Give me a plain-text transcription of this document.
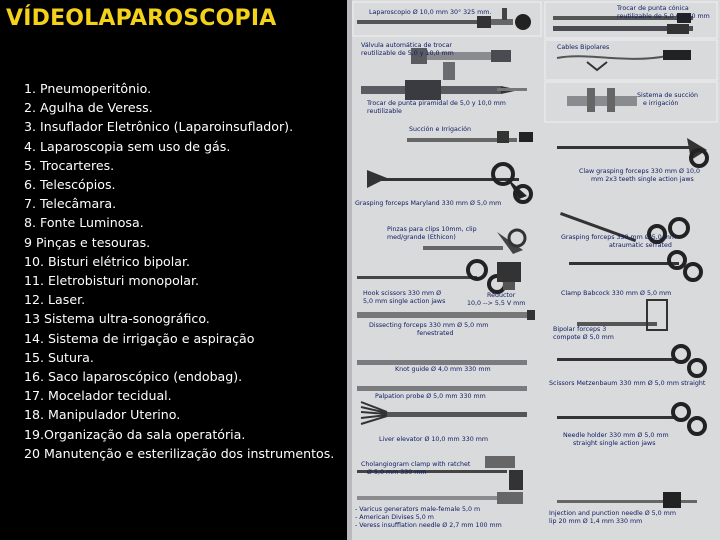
VÍDEOLAPAROSCOPIA
1. Pneumoperitônio.
2. Agulha de Veress.
3. Insuflador Eletrônico (Laparoinsuflador).
4. Laparoscopia sem uso de gás.
5. Trocarteres.
6. Telescópios.
7. Telecâmara.
8. Fonte Luminosa.
9 Pinças e tesouras.
10. Bisturi elétrico bipolar.
11. Eletrobisturi monopolar.
12. Laser.
13 Sistema ultra-sonográfico.
14. Sistema de irrigação e aspiração
15. Sutura.
16. Saco laparoscópico (endobag).
17. Mocelador tecidual.
18. Manipulador Uterino.
19.Organização da sala operatória.
20 Manutenção e esterilização dos instrumentos.
Laparoscopio Ø 10,0 mm 30° 325 mm.
Válvula automática de trocar
reutilizable de 5,0 y 10,0 mm
Trocar de punta piramidal de 5,0 y 10,0 mm
reutilizable
Succión e Irrigación
Grasping forceps Maryland 330 mm Ø 5,0 mm
Pinzas para clips 10mm, clip
med/grande (Ethicon)
Hook scissors 330 mm Ø
5,0 mm single action jaws
Reductor
10,0 --> 5,5 V mm
Dissecting forceps 330 mm Ø 5,0 mm
fenestrated
Knot guide Ø 4,0 mm 330 mm
Palpation probe Ø 5,0 mm 330 mm
Liver elevator Ø 10,0 mm 330 mm
Cholangiogram clamp with ratchet
Ø 5,0 mm 330 mm
- Varicus generators male-female 5,0 m
- American Divises 5,0 m
- Veress insufflation needle Ø 2,7 mm 100 mm
Trocar de punta cónica
reutilizable de 5,0 y 10,0 mm
Cables Bipolares
Sistema de succión
e irrigación
Claw grasping forceps 330 mm Ø 10,0
mm 2x3 teeth single action jaws
Grasping forceps 330 mm Ø 5,0 mm
atraumatic serrated
Clamp Babcock 330 mm Ø 5,0 mm
Bipolar forceps 3
compote Ø 5,0 mm
Scissors Metzenbaum 330 mm Ø 5,0 mm straight
Needle holder 330 mm Ø 5,0 mm
straight single action jaws
Injection and punction needle Ø 5,0 mm
lip 20 mm Ø 1,4 mm 330 mm
